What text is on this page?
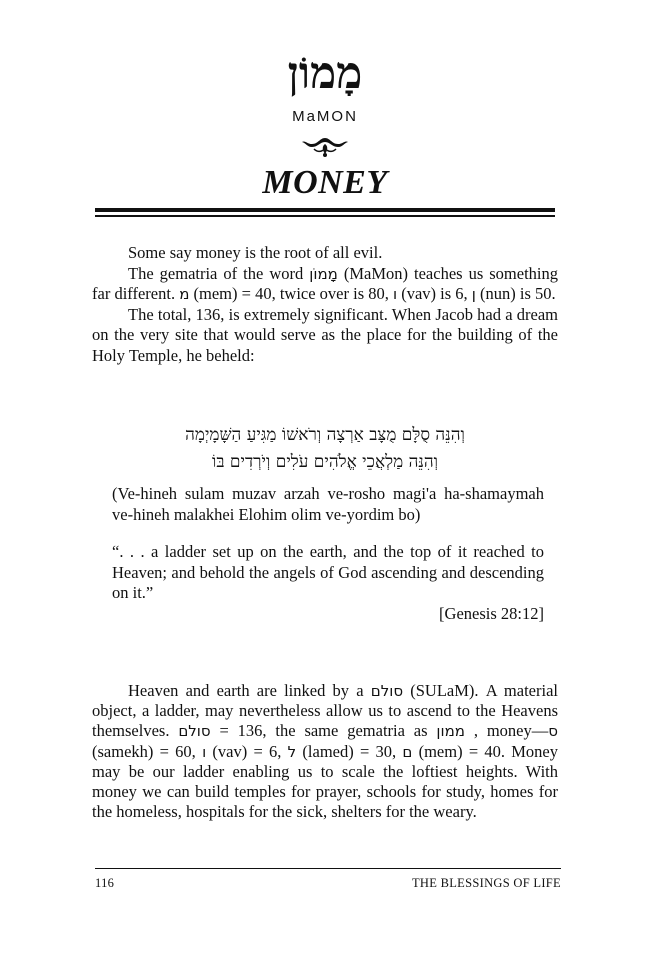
מָמוֹן
MaMON
MONEY

Some say money is the root of all evil.

The gematria of the word מָמוֹן (MaMon) teaches us something far different. מ (mem) = 40, twice over is 80, ו (vav) is 6, ן (nun) is 50.

The total, 136, is extremely significant. When Jacob had a dream on the very site that would serve as the place for the building of the Holy Temple, he beheld:

וְהִנֵּה סֻלָּם מֻצָּב אַרְצָה וְרֹאשׁוֹ מַגִּיעַ הַשָּׁמָיְמָה
וְהִנֵּה מַלְאֲכֵי אֱלֹהִים עֹלִים וְיֹרְדִים בּוֹ

(Ve-hineh sulam muzav arzah ve-rosho magi'a ha-shamaymah ve-hineh malakhei Elohim olim ve-yordim bo)

“. . . a ladder set up on the earth, and the top of it reached to Heaven; and behold the angels of God ascending and descending on it.”

[Genesis 28:12]

Heaven and earth are linked by a סולם (SULaM). A material object, a ladder, may nevertheless allow us to ascend to the Heavens themselves. סולם = 136, the same gematria as ממון , money—ס (samekh) = 60, ו (vav) = 6, ל (lamed) = 30, ם (mem) = 40. Money may be our ladder enabling us to scale the loftiest heights. With money we can build temples for prayer, schools for study, homes for the homeless, hospitals for the sick, shelters for the weary.

116	THE BLESSINGS OF LIFE
